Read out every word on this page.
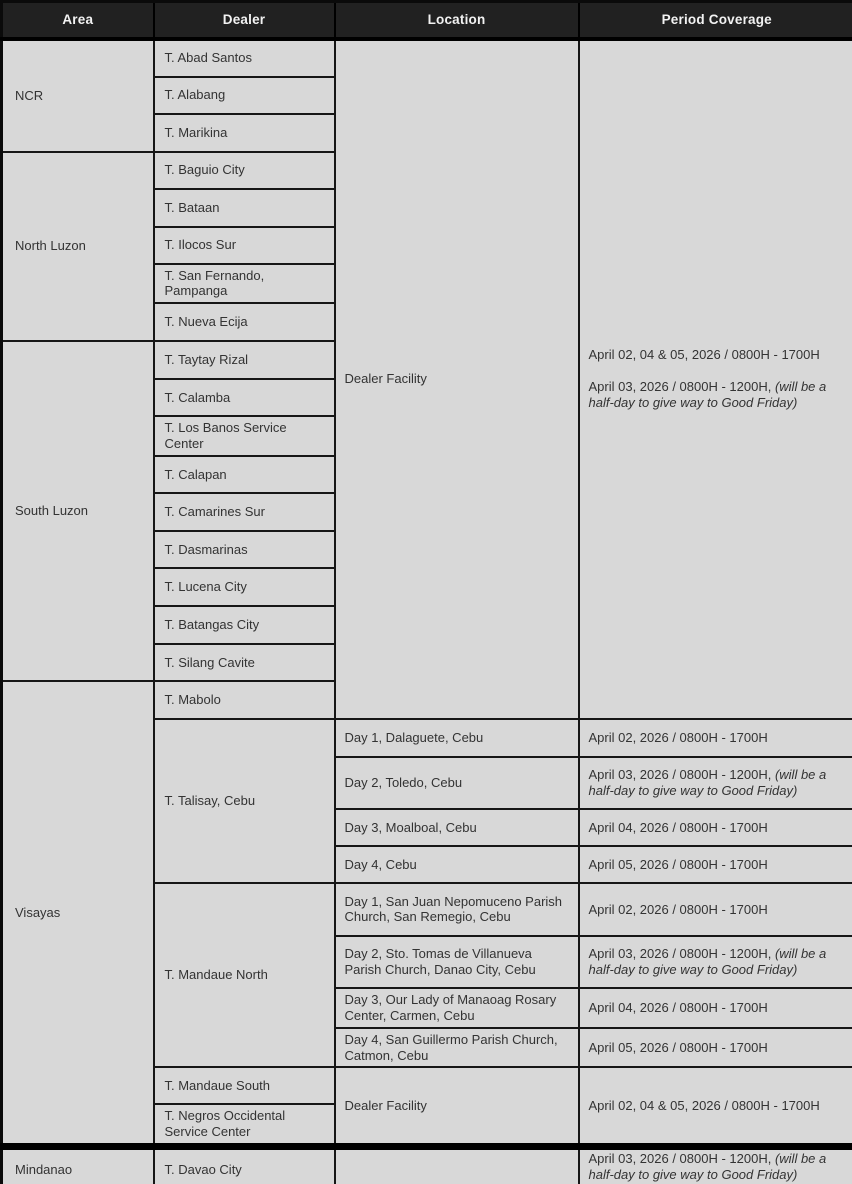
Area	Dealer	Location	Period Coverage
NCR	T. Abad Santos	Dealer Facility	April 02, 04 & 05, 2026 / 0800H - 1700H
April 03, 2026 / 0800H - 1200H, (will be a half-day to give way to Good Friday)

	T. Alabang		
	T. Marikina		
North Luzon	T. Baguio City		
	T. Bataan		
	T. Ilocos Sur		
	T. San Fernando, Pampanga		
	T. Nueva Ecija		
South Luzon	T. Taytay Rizal		
	T. Calamba		
	T. Los Banos Service Center		
	T. Calapan		
	T. Camarines Sur		
	T. Dasmarinas		
	T. Lucena City		
	T. Batangas City		
	T. Silang Cavite		
Visayas	T. Mabolo		
	T. Talisay, Cebu	Day 1, Dalaguete, Cebu	April 02, 2026 / 0800H - 1700H
		Day 2, Toledo, Cebu	April 03, 2026 / 0800H - 1200H, (will be a half-day to give way to Good Friday)
		Day 3, Moalboal, Cebu	April 04, 2026 / 0800H - 1700H
		Day 4, Cebu	April 05, 2026 / 0800H - 1700H
	T. Mandaue North	Day 1, San Juan Nepomuceno Parish Church, San Remegio, Cebu	April 02, 2026 / 0800H - 1700H
		Day 2, Sto. Tomas de Villanueva Parish Church, Danao City, Cebu	April 03, 2026 / 0800H - 1200H, (will be a half-day to give way to Good Friday)
		Day 3, Our Lady of Manaoag Rosary Center, Carmen, Cebu	April 04, 2026 / 0800H - 1700H
		Day 4, San Guillermo Parish Church, Catmon, Cebu	April 05, 2026 / 0800H - 1700H
	T. Mandaue South	Dealer Facility	April 02, 04 & 05, 2026 / 0800H - 1700H
	T. Negros Occidental Service Center		
Mindanao	T. Davao City		April 03, 2026 / 0800H - 1200H, (will be a half-day to give way to Good Friday)
